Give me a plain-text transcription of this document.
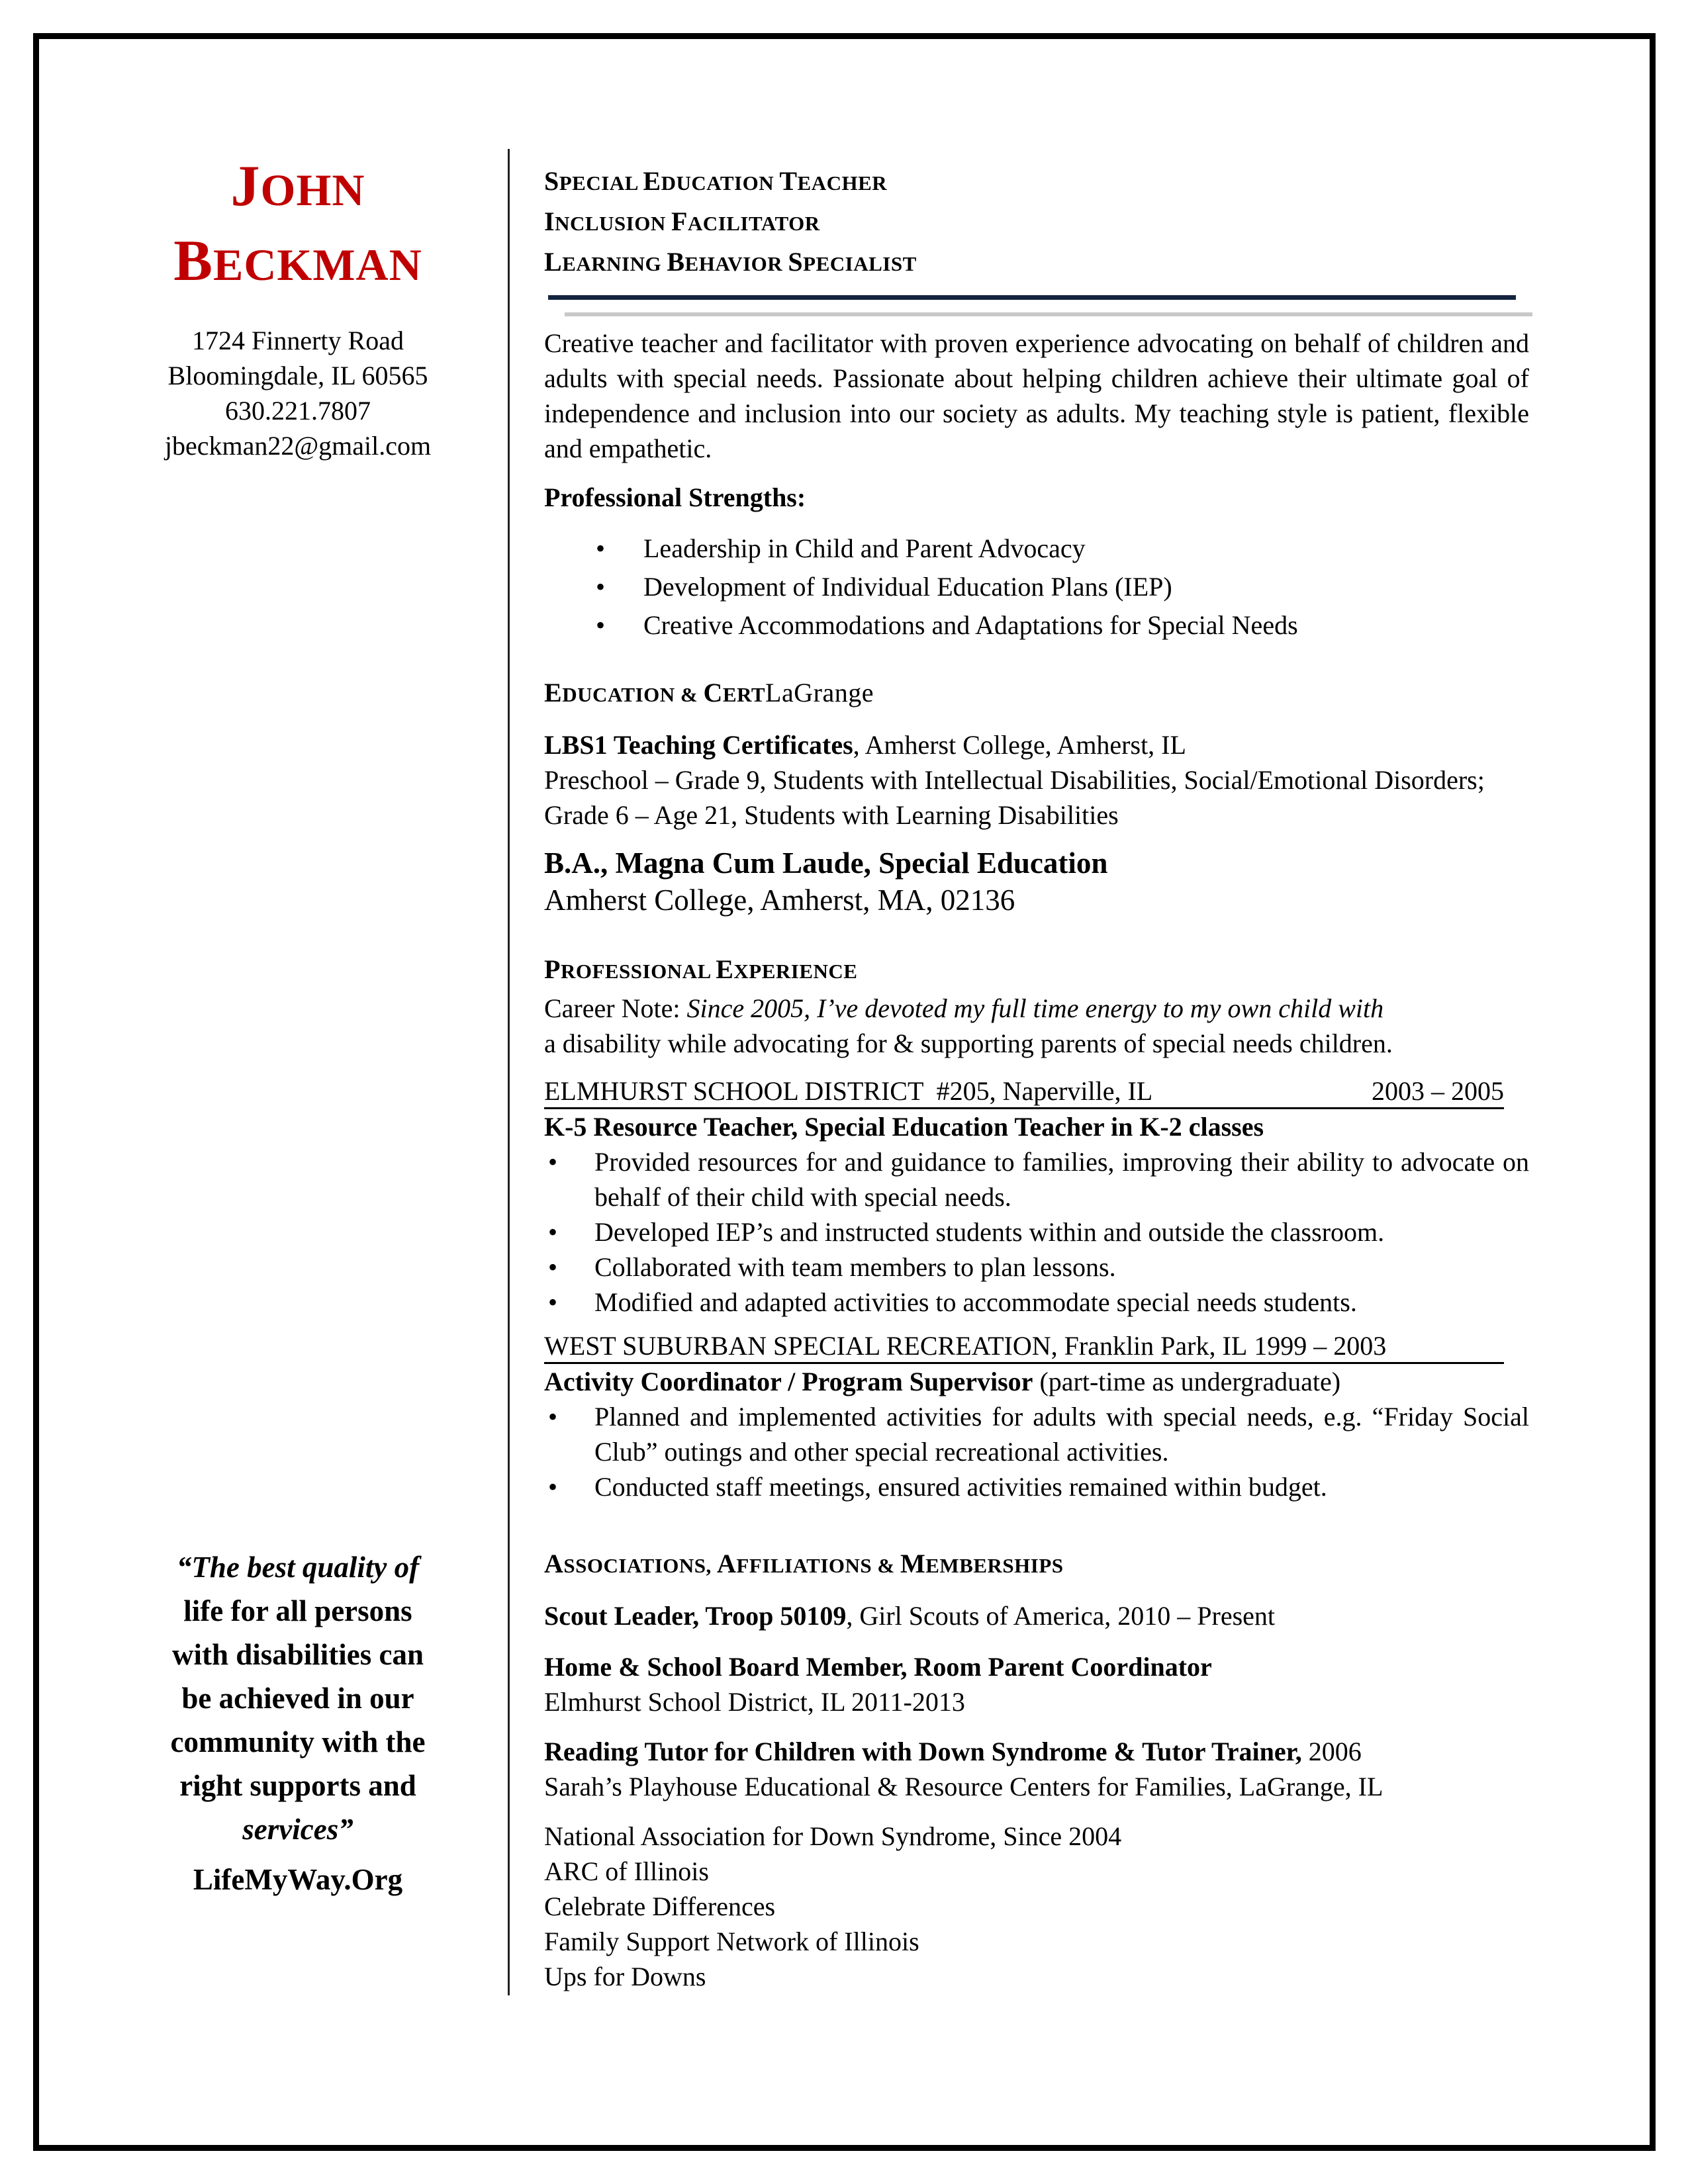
JOHN
BECKMAN
1724 Finnerty Road
Bloomingdale, IL 60565
630.221.7807
jbeckman22@gmail.com
“The best quality of
life for all persons
with disabilities can
be achieved in our
community with the
right supports and
services”
LifeMyWay.Org
SPECIAL EDUCATION TEACHER
INCLUSION FACILITATOR
LEARNING BEHAVIOR SPECIALIST
Creative teacher and facilitator with proven experience advocating on behalf of children and adults with special needs. Passionate about helping children achieve their ultimate goal of independence and inclusion into our society as adults. My teaching style is patient, flexible and empathetic.
Professional Strengths:
• Leadership in Child and Parent Advocacy
• Development of Individual Education Plans (IEP)
• Creative Accommodations and Adaptations for Special Needs
EDUCATION & CERTLaGrange
LBS1 Teaching Certificates, Amherst College, Amherst, IL
Preschool – Grade 9, Students with Intellectual Disabilities, Social/Emotional Disorders; Grade 6 – Age 21, Students with Learning Disabilities
B.A., Magna Cum Laude, Special Education
Amherst College, Amherst, MA, 02136
PROFESSIONAL EXPERIENCE
Career Note: Since 2005, I’ve devoted my full time energy to my own child with
a disability while advocating for & supporting parents of special needs children.
ELMHURST SCHOOL DISTRICT  #205, Naperville, IL	2003 – 2005
K-5 Resource Teacher, Special Education Teacher in K-2 classes
• Provided resources for and guidance to families, improving their ability to advocate on behalf of their child with special needs.
• Developed IEP’s and instructed students within and outside the classroom.
• Collaborated with team members to plan lessons.
• Modified and adapted activities to accommodate special needs students.
WEST SUBURBAN SPECIAL RECREATION, Franklin Park, IL 1999 – 2003
Activity Coordinator / Program Supervisor (part-time as undergraduate)
• Planned and implemented activities for adults with special needs, e.g. “Friday Social Club” outings and other special recreational activities.
• Conducted staff meetings, ensured activities remained within budget.
ASSOCIATIONS, AFFILIATIONS & MEMBERSHIPS
Scout Leader, Troop 50109, Girl Scouts of America, 2010 – Present
Home & School Board Member, Room Parent Coordinator
Elmhurst School District, IL 2011-2013
Reading Tutor for Children with Down Syndrome & Tutor Trainer, 2006
Sarah’s Playhouse Educational & Resource Centers for Families, LaGrange, IL
National Association for Down Syndrome, Since 2004
ARC of Illinois
Celebrate Differences
Family Support Network of Illinois
Ups for Downs
